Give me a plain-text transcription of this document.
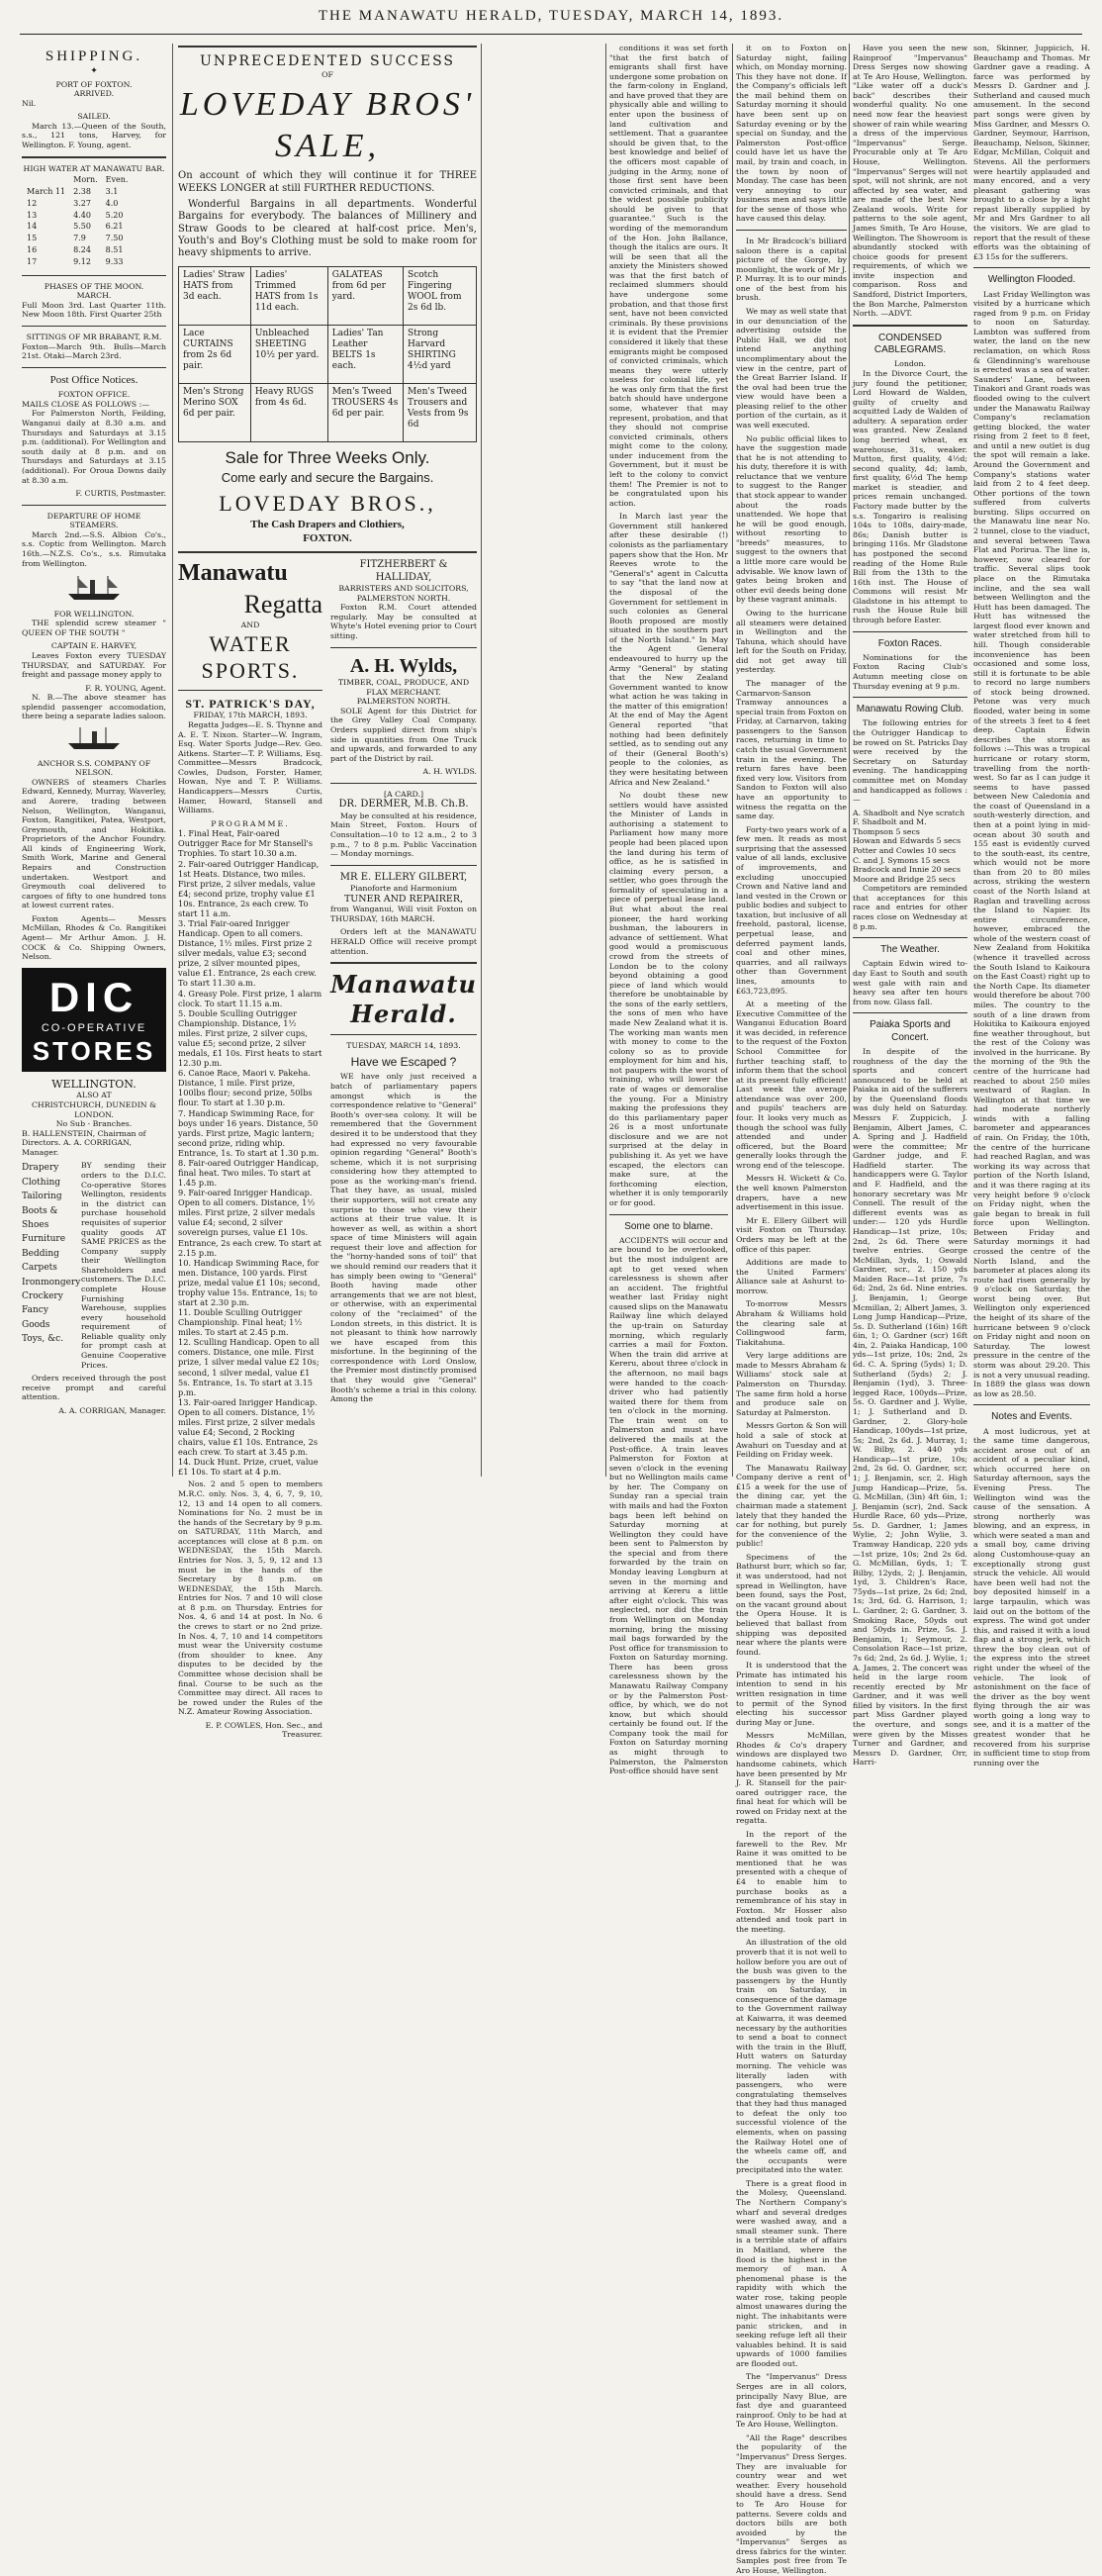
THE MANAWATU HERALD, TUESDAY, MARCH 14, 1893.
SHIPPING.
✦
PORT OF FOXTON.
ARRIVED.

Nil.

SAILED.

March 13.—Queen of the South, s.s., 121 tons, Harvey, for Wellington. F. Young, agent.

HIGH WATER AT MANAWATU BAR.
	Morn.	Even.
March 11	2.38	3.1
12	3.27	4.0
13	4.40	5.20
14	5.50	6.21
15	7.9	7.50
16	8.24	8.51
17	9.12	9.33
PHASES OF THE MOON.
MARCH.

Full Moon 3rd. Last Quarter 11th. New Moon 18th. First Quarter 25th

SITTINGS OF MR BRABANT, R.M.

Foxton—March 9th. Bulls—March 21st. Otaki—March 23rd.

Post Office Notices.
FOXTON OFFICE.
MAILS CLOSE AS FOLLOWS :—

For Palmerston North, Feilding, Wanganui daily at 8.30 a.m. and Thursdays and Saturdays at 3.15 p.m. (additional). For Wellington and south daily at 8 p.m. and on Thursdays and Saturdays at 3.15 (additional). For Oroua Downs daily at 8.30 a.m.

F. CURTIS, Postmaster.
DEPARTURE OF HOME STEAMERS.

March 2nd.—S.S. Albion Co's., s.s. Coptic from Wellington. March 16th.—N.Z.S. Co's., s.s. Rimutaka from Wellington.

FOR WELLINGTON.

THE splendid screw steamer " QUEEN OF THE SOUTH "

CAPTAIN E. HARVEY,

Leaves Foxton every TUESDAY THURSDAY, and SATURDAY. For freight and passage money apply to

F. R. YOUNG, Agent.

N. B.—The above steamer has splendid passenger accomodation, there being a separate ladies saloon.

ANCHOR S.S. COMPANY OF NELSON.

OWNERS of steamers Charles Edward, Kennedy, Murray, Waverley, and Aorere, trading between Nelson, Wellington, Wanganui, Foxton, Rangitikei, Patea, Westport, Greymouth, and Hokitika. Proprietors of the Anchor Foundry. All kinds of Engineering Work, Smith Work, Marine and General Repairs and Construction undertaken. Westport and Greymouth coal delivered to cargoes of fifty to one hundred tons at lowest current rates.

Foxton Agents— Messrs McMillan, Rhodes & Co. Rangitikei Agent— Mr Arthur Amon. J. H. COCK & Co. Shipping Owners, Nelson.

DIC
CO-OPERATIVE
STORES
WELLINGTON.
ALSO AT
CHRISTCHURCH, DUNEDIN & LONDON.
No Sub - Branches.
B. HALLENSTEIN, Chairman of Directors. A. A. CORRIGAN, Manager.
Drapery
Clothing
Tailoring
Boots & Shoes
Furniture
Bedding
Carpets
Ironmongery
Crockery
Fancy Goods
Toys, &c.

BY sending their orders to the D.I.C. Co-operative Stores Wellington, residents in the district can purchase household requisites of superior quality goods AT SAME PRICES as the Company supply their Wellington Shareholders and customers. The D.I.C. complete House Furnishing Warehouse, supplies every household requirement of Reliable quality only for prompt cash at Genuine Cooperative Prices.

Orders received through the post receive prompt and careful attention.

A. A. CORRIGAN, Manager.
UNPRECEDENTED SUCCESS
OF
LOVEDAY BROS' SALE,

On account of which they will continue it for THREE WEEKS LONGER at still FURTHER REDUCTIONS.

Wonderful Bargains in all departments. Wonderful Bargains for everybody. The balances of Millinery and Straw Goods to be cleared at half-cost price. Men's, Youth's and Boy's Clothing must be sold to make room for heavy shipments to arrive.

Ladies' Straw HATS from 3d each.	Ladies' Trimmed HATS from 1s 11d each.	GALATEAS from 6d per yard.	Scotch Fingering WOOL from 2s 6d lb.
Lace CURTAINS from 2s 6d pair.	Unbleached SHEETING 10½ per yard.	Ladies' Tan Leather BELTS 1s each.	Strong Harvard SHIRTING 4½d yard
Men's Strong Merino SOX 6d per pair.	Heavy RUGS from 4s 6d.	Men's Tweed TROUSERS 4s 6d per pair.	Men's Tweed Trousers and Vests from 9s 6d
Sale for Three Weeks Only.
Come early and secure the Bargains.
LOVEDAY BROS.,
The Cash Drapers and Clothiers,
FOXTON.
Manawatu
Regatta
AND
WATER SPORTS.
ST. PATRICK'S DAY,
FRIDAY, 17th MARCH, 1893.

Regatta Judges—E. S. Thynne and A. E. T. Nixon. Starter—W. Ingram, Esq. Water Sports Judge—Rev. Geo. Aitkens. Starter—T. P. Williams, Esq. Committee—Messrs Bradcock, Cowles, Dudson, Forster, Hamer, Howan, Nye and T. P. Williams. Handicappers—Messrs Curtis, Hamer, Howard, Stansell and Williams.

PROGRAMME.
1. Final Heat, Fair-oared Outrigger Race for Mr Stansell's Trophies. To start 10.30 a.m.
2. Fair-oared Outrigger Handicap, 1st Heats. Distance, two miles. First prize, 2 silver medals, value £4; second prize, trophy value £1 10s. Entrance, 2s each crew. To start 11 a.m.
3. Trial Fair-oared Inrigger Handicap. Open to all comers. Distance, 1½ miles. First prize 2 silver medals, value £3; second prize, 2 silver mounted pipes, value £1. Entrance, 2s each crew. To start 11.30 a.m.
4. Greasy Pole. First prize, 1 alarm clock. To start 11.15 a.m.
5. Double Sculling Outrigger Championship. Distance, 1½ miles. First prize, 2 silver cups, value £5; second prize, 2 silver medals, £1 10s. First heats to start 12.30 p.m.
6. Canoe Race, Maori v. Pakeha. Distance, 1 mile. First prize, 100lbs flour; second prize, 50lbs flour. To start at 1.30 p.m.
7. Handicap Swimming Race, for boys under 16 years. Distance, 50 yards. First prize, Magic lantern; second prize, riding whip. Entrance, 1s. To start at 1.30 p.m.
8. Fair-oared Outrigger Handicap, final heat. Two miles. To start at 1.45 p.m.
9. Fair-oared Inrigger Handicap. Open to all comers. Distance, 1½ miles. First prize, 2 silver medals value £4; second, 2 silver sovereign purses, value £1 10s. Entrance, 2s each crew. To start at 2.15 p.m.
10. Handicap Swimming Race, for men. Distance, 100 yards. First prize, medal value £1 10s; second, trophy value 15s. Entrance, 1s; to start at 2.30 p.m.
11. Double Sculling Outrigger Championship. Final heat; 1½ miles. To start at 2.45 p.m.
12. Sculling Handicap. Open to all comers. Distance, one mile. First prize, 1 silver medal value £2 10s; second, 1 silver medal, value £1 5s. Entrance, 1s. To start at 3.15 p.m.
13. Fair-oared Inrigger Handicap. Open to all comers. Distance, 1½ miles. First prize, 2 silver medals value £4; Second, 2 Rocking chairs, value £1 10s. Entrance, 2s each crew. To start at 3.45 p.m.
14. Duck Hunt. Prize, cruet, value £1 10s. To start at 4 p.m.

Nos. 2 and 5 open to members M.R.C. only. Nos. 3, 4, 6, 7, 9, 10, 12, 13 and 14 open to all comers. Nominations for No. 2 must be in the hands of the Secretary by 9 p.m. on SATURDAY, 11th March, and acceptances will close at 8 p.m. on WEDNESDAY, the 15th March. Entries for Nos. 3, 5, 9, 12 and 13 must be in the hands of the Secretary by 8 p.m. on WEDNESDAY, the 15th March. Entries for Nos. 7 and 10 will close at 8 p.m. on Thursday. Entries for Nos. 4, 6 and 14 at post. In No. 6 the crews to start or no 2nd prize. In Nos. 4, 7, 10 and 14 competitors must wear the University costume (from shoulder to knee. Any disputes to be decided by the Committee whose decision shall be final. Course to be such as the Committee may direct. All races to be rowed under the Rules of the N.Z. Amateur Rowing Association.

E. P. COWLES, Hon. Sec., and Treasurer.
FITZHERBERT & HALLIDAY,
BARRISTERS AND SOLICITORS, PALMERSTON NORTH.

Foxton R.M. Court attended regularly. May be consulted at Whyte's Hotel evening prior to Court sitting.

A. H. Wylds,
TIMBER, COAL, PRODUCE, AND FLAX MERCHANT.
PALMERSTON NORTH.

SOLE Agent for this District for the Grey Valley Coal Company. Orders supplied direct from ship's side in quantities from One Truck and upwards, and forwarded to any part of the District by rail.

A. H. WYLDS.
[A CARD.]
DR. DERMER, M.B. Ch.B.

May be consulted at his residence, Main Street, Foxton. Hours of Consultation—10 to 12 a.m., 2 to 3 p.m., 7 to 8 p.m. Public Vaccination — Monday mornings.

MR E. ELLERY GILBERT,
Pianoforte and Harmonium
TUNER AND REPAIRER,

from Wanganui, Will visit Foxton on THURSDAY, 16th MARCH.

Orders left at the MANAWATU HERALD Office will receive prompt attention.

Manawatu Herald.
TUESDAY, MARCH 14, 1893.
Have we Escaped ?

WE have only just received a batch of parliamentary papers amongst which is the correspondence relative to "General" Booth's over-sea colony. It will be remembered that the Government desired it to be understood that they had expressed no very favourable opinion regarding "General" Booth's scheme, which it is not surprising considering how they attempted to pose as the working-man's friend. That they have, as usual, misled their supporters, will not create any surprise to those who view their actions at their true value. It is however as well, as within a short space of time Ministers will again request their love and affection for the "horny-handed sons of toil" that we should remind our readers that it has simply been owing to "General" Booth having made other arrangements that we are not blest, or otherwise, with an experimental colony of the "reclaimed" of the London streets, in this district. It is not pleasant to think how narrowly we have escaped from this misfortune. In the beginning of the correspondence with Lord Onslow, the Premier most distinctly promised that they would give "General" Booth's scheme a trial in this colony. Among the

conditions it was set forth "that the first batch of emigrants shall first have undergone some probation on the farm-colony in England, and have proved that they are physically able and willing to enter upon the business of land cultivation and settlement. That a guarantee should be given that, to the best knowledge and belief of the officers most capable of judging in the Army, none of those first sent have been convicted criminals, and that the widest possible publicity should be given to that guarantee." Such is the wording of the memorandum of the Hon. John Ballance, though the italics are ours. It will be seen that all the anxiety the Ministers showed was that the first batch of reclaimed slummers should have undergone some probation, and that those first sent, have not been convicted criminals. By these provisions it is evident that the Premier considered it likely that these emigrants might be composed of convicted criminals, which means they were utterly useless for colonial life, yet he was only firm that the first batch should have undergone some, whatever that may represent, probation, and that they should not comprise convicted criminals, others might come to the colony, under inducement from the Government, but it must be left to the colony to convict them! The Premier is not to be congratulated upon his action.

In March last year the Government still hankered after these desirable (!) colonists as the parliamentary papers show that the Hon. Mr Reeves wrote to the "General's" agent in Calcutta to say "that the land now at the disposal of the Government for settlement in such colonies as General Booth proposed are mostly situated in the southern part of the North Island." In May the Agent General endeavoured to hurry up the Army "General" by stating that the New Zealand Government wanted to know what action he was taking in the matter of this emigration! At the end of May the Agent General reported "that nothing had been definitely settled, as to sending out any of their (General Booth's) people to the colonies, as they were hesitating between Africa and New Zealand."

No doubt these new settlers would have assisted the Minister of Lands in authorising a statement to Parliament how many more people had been placed upon the land during his term of office, as he is satisfied in claiming every person, a settler, who goes through the formality of speculating in a piece of perpetual lease land. But what about the real pioneer, the hard working bushman, the labourers in advance of settlement. What good would a promiscuous crowd from the streets of London be to the colony beyond obtaining a good piece of land which would therefore be unobtainable by the sons of the early settlers, the sons of men who have made New Zealand what it is. The working man wants men with money to come to the colony so as to provide employment for him and his, not paupers with the worst of training, who will lower the rate of wages or demoralise the young. For a Ministry making the professions they do this parliamentary paper 26 is a most unfortunate disclosure and we are not surprised at the delay in publishing it. As yet we have escaped, the electors can make sure, at the forthcoming election, whether it is only temporarily or for good.

Some one to blame.

ACCIDENTS will occur and are bound to be overlooked, but the most indulgent are apt to get vexed when carelessness is shown after an accident. The frightful weather last Friday night caused slips on the Manawatu Railway line which delayed the up-train on Saturday morning, which regularly carries a mail for Foxton. When the train did arrive at Kereru, about three o'clock in the afternoon, no mail bags were handed to the coach-driver who had patiently waited there for them from ten o'clock in the morning. The train went on to Palmerston and must have delivered the mails at the Post-office. A train leaves Palmerston for Foxton at seven o'clock in the evening but no Wellington mails came by her. The Company on Sunday ran a special train with mails and had the Foxton bags been left behind on Saturday morning at Wellington they could have been sent to Palmerston by the special and from there forwarded by the train on Monday leaving Longburn at seven in the morning and arriving at Kereru a little after eight o'clock. This was neglected, nor did the train from Wellington on Monday morning, bring the missing mail bags forwarded by the Post office for transmission to Foxton on Saturday morning. There has been gross carelessness shown by the Manawatu Railway Company or by the Palmerston Post-office, by which, we do not know, but which should certainly be found out. If the Company took the mail for Foxton on Saturday morning as might through to Palmerston, the Palmerston Post-office should have sent

it on to Foxton on Saturday night, failing which, on Monday morning. This they have not done. If the Company's officials left the mail behind them on Saturday morning it should have been sent up on Saturday evening or by the special on Sunday, and the Palmerston Post-office could have let us have the mail, by train and coach, in the town by noon of Monday. The case has been very annoying to our business men and says little for the sense of those who have caused this delay.

In Mr Bradcock's billiard saloon there is a capital picture of the Gorge, by moonlight, the work of Mr J. P. Murray. It is to our minds one of the best from his brush.

We may as well state that in our denunciation of the advertising outside the Public Hall, we did not intend anything uncomplimentary about the view in the centre, part of the Great Barrier Island. If the oval had been true the view would have been a pleasing relief to the other portion of the curtain, as it was well executed.

No public official likes to have the suggestion made that he is not attending to his duty, therefore it is with reluctance that we venture to suggest to the Ranger that stock appear to wander about the roads unattended. We hope that he will be good enough, without resorting to "breeds" measures, to suggest to the owners that a little more care would be advisable. We know lawn of gates being broken and other evil deeds being done by these vagrant animals.

Owing to the hurricane all steamers were detained in Wellington and the Tahuna, which should have left for the South on Friday, did not get away till yesterday.

The manager of the Carmarvon-Sanson Tramway announces a special train from Foxton on Friday, at Carnarvon, taking passengers to the Sanson races, returning in time to catch the usual Government train in the evening. The return fares have been fixed very low. Visitors from Sandon to Foxton will also have an opportunity to witness the regatta on the same day.

Forty-two years work of a few men. It reads as most surprising that the assessed value of all lands, exclusive of improvements, and excluding unoccupied Crown and Native land and land vested in the Crown or public bodies and subject to taxation, but inclusive of all freehold, pastoral, license, perpetual lease, and deferred payment lands, coal and other mines, quarries, and all railways other than Government lines, amounts to £63,723,895.

At a meeting of the Executive Committee of the Wanganui Education Board it was decided, in reference to the request of the Foxton School Committee for further teaching staff, to inform them that the school at its present fully efficient! Last week the average attendance was over 200, and pupils' teachers are four. It looks very much as though the school was fully attended and under officered, but the Board generally looks through the wrong end of the telescope.

Messrs H. Wickett & Co. the well known Palmerston drapers, have a new advertisement in this issue.

Mr E. Ellery Gilbert will visit Foxton on Thursday. Orders may be left at the office of this paper.

Additions are made to the United Farmers' Alliance sale at Ashurst to-morrow.

To-morrow Messrs Abraham & Williams hold the clearing sale at Collingwood farm, Tiakitahuna.

Very large additions are made to Messrs Abraham & Williams' stock sale at Palmerston on Thursday. The same firm hold a horse and produce sale on Saturday at Palmerston.

Messrs Gorton & Son will hold a sale of stock at Awahuri on Tuesday and at Feilding on Friday week.

The Manawatu Railway Company derive a rent of £15 a week for the use of the dining car, yet the chairman made a statement lately that they handed the car for nothing, but purely for the convenience of the public!

Specimens of the Bathurst burr, which so far, it was understood, had not spread in Wellington, have been found, says the Post, on the vacant ground about the Opera House. It is believed that ballast from shipping was deposited near where the plants were found.

It is understood that the Primate has intimated his intention to send in his written resignation in time to permit of the Synod electing his successor during May or June.

Messrs McMillan, Rhodes & Co's drapery windows are displayed two handsome cabinets, which have been presented by Mr J. R. Stansell for the pair-oared outrigger race, the final heat for which will be rowed on Friday next at the regatta.

In the report of the farewell to the Rev. Mr Raine it was omitted to be mentioned that he was presented with a cheque of £4 to enable him to purchase books as a remembrance of his stay in Foxton. Mr Hosser also attended and took part in the meeting.

An illustration of the old proverb that it is not well to hollow before you are out of the bush was given to the passengers by the Huntly train on Saturday, in consequence of the damage to the Government railway at Kaiwarra, it was deemed necessary by the authorities to send a boat to connect with the train in the Bluff, Hutt waters on Saturday morning. The vehicle was literally laden with passengers, who were congratulating themselves that they had thus managed to defeat the only too successful violence of the elements, when on passing the Railway Hotel one of the wheels came off, and the occupants were precipitated into the water.

There is a great flood in the Molesy, Queensland. The Northern Company's wharf and several dredges were washed away, and a small steamer sunk. There is a terrible state of affairs in Maitland, where the flood is the highest in the memory of man. A phenomenal phase is the rapidity with which the water rose, taking people almost unawares during the night. The inhabitants were panic stricken, and in seeking refuge left all their valuables behind. It is said upwards of 1000 families are flooded out.

The "Impervanus" Dress Serges are in all colors, principally Navy Blue, are fast dye and guaranteed rainproof. Only to be had at Te Aro House, Wellington.

"All the Rage" describes the popularity of the "Impervanus" Dress Serges. They are invaluable for country wear and wet weather. Every household should have a dress. Send to Te Aro House for patterns. Severe colds and doctors bills are both avoided by the "Impervanus" Serges as dress fabrics for the winter. Samples post free from Te Aro House, Wellington.

Have you seen the new Rainproof "Impervanus" Dress Serges now showing at Te Aro House, Wellington. "Like water off a duck's back" describes their wonderful quality. No one need now fear the heaviest shower of rain while wearing a dress of the impervious "Impervanus" Serge. Procurable only at Te Aro House, Wellington. "Impervanus" Serges will not spot, will not shrink, are not affected by sea water, and are made of the best New Zealand wools. Write for patterns to the sole agent, James Smith, Te Aro House, Wellington. The Showroom is abundantly stocked with choice goods for present requirements, of which we invite inspection and comparison. Ross and Sandford, District Importers, the Bon Marche, Palmerston North. —ADVT.

CONDENSED CABLEGRAMS.
London.

In the Divorce Court, the jury found the petitioner, Lord Howard de Walden, guilty of cruelty and acquitted Lady de Walden of adultery. A separation order was granted. New Zealand long berried wheat, ex warehouse, 31s, weaker. Mutton, first quality, 4½d; second quality, 4d; lamb, first quality, 6½d The hemp market is steadier, and prices remain unchanged. Factory made butter by the s.s. Tongariro is realising 104s to 108s, dairy-made, 86s; Danish butter is bringing 116s. Mr Gladstone has postponed the second reading of the Home Rule Bill from the 13th to the 16th inst. The House of Commons will resist Mr Gladstone in his attempt to rush the House Rule bill through before Easter.

Foxton Races.

Nominations for the Foxton Racing Club's Autumn meeting close on Thursday evening at 9 p.m.

Manawatu Rowing Club.

The following entries for the Outrigger Handicap to be rowed on St. Patricks Day were received by the Secretary on Saturday evening. The handicapping committee met on Monday and handicapped as follows :—

A. Shadbolt and Nye scratch
F. Shadbolt and M.
Thompson 5 secs
Howan and Edwards 5 secs
Potter and Cowles 10 secs
C. and J. Symons 15 secs
Bradcock and Innie 20 secs
Moore and Bridge 25 secs

Competitors are reminded that acceptances for this race and entries for other races close on Wednesday at 8 p.m.

The Weather.

Captain Edwin wired to-day East to South and south west gale with rain and heavy sea after ten hours from now. Glass fall.

Paiaka Sports and Concert.

In despite of the roughness of the day the sports and concert announced to be held at Paiaka in aid of the sufferers by the Queensland floods was duly held on Saturday. Messrs F. Zuppicich, J. Benjamin, Albert James, C. A. Spring and J. Hadfield were the committee; Mr Gardner judge, and F. Hadfield starter. The handicappers were G. Taylor and F. Hadfield, and the honorary secretary was Mr Connell. The result of the different events was as under:— 120 yds Hurdle Handicap—1st prize, 10s; 2nd, 2s 6d. There were twelve entries. George McMillan, 3yds, 1; Oswald Gardner, scr., 2. 150 yds Maiden Race—1st prize, 7s 6d; 2nd, 2s 6d. Nine entries. J. Benjamin, 1; George Mcmillan, 2; Albert James, 3. Long Jump Handicap—Prize, 5s. D. Sutherland (16in) 16ft 6in, 1; O. Gardner (scr) 16ft 4in, 2. Paiaka Handicap, 100 yds—1st prize, 10s; 2nd, 2s 6d. C. A. Spring (5yds) 1; D. Sutherland (5yds) 2; J. Benjamin (1yd), 3. Three-legged Race, 100yds—Prize, 5s. O. Gardner and J. Wylie, 1; J. Sutherland and D. Gardner, 2. Glory-hole Handicap, 100yds—1st prize, 5s; 2nd, 2s 6d. J. Murray, 1; W. Bilby, 2. 440 yds Handicap—1st prize, 10s; 2nd, 2s 6d. O. Gardner, scr, 1; J. Benjamin, scr, 2. High Jump Handicap—Prize, 5s. G. McMillan, (3in) 4ft 6in, 1; J. Benjamin (scr), 2nd. Sack Hurdle Race, 60 yds—Prize, 5s. D. Gardner, 1; James Wylie, 2; John Wylie, 3. Tramway Handicap, 220 yds—1st prize, 10s; 2nd 2s 6d. G. McMillan, 6yds, 1; T. Bilby, 12yds, 2; J. Benjamin, 1yd, 3. Children's Race, 75yds—1st prize, 2s 6d; 2nd, 1s; 3rd, 6d. G. Harrison, 1; L. Gardner, 2; G. Gardner, 3. Smoking Race, 50yds out and 50yds in. Prize, 5s. J. Benjamin, 1; Seymour, 2. Consolation Race—1st prize, 7s 6d; 2nd, 2s 6d. J. Wylie, 1; A. James, 2. The concert was held in the large room recently erected by Mr Gardner, and it was well filled by visitors. In the first part Miss Gardner played the overture, and songs were given by the Misses Turner and Gardner, and Messrs D. Gardner, Orr, Harri-

son, Skinner, Juppicich, H. Beauchamp and Thomas. Mr Gardner gave a reading. A farce was performed by Messrs D. Gardner and J. Sutherland and caused much amusement. In the second part songs were given by Miss Gardner, and Messrs O. Gardner, Seymour, Harrison, Beauchamp, Nelson, Skinner, Edgar, McMillan, Colquit and Stevens. All the performers were heartily applauded and many encored, and a very pleasant gathering was brought to a close by a light repast liberally supplied by Mr and Mrs Gardner to all the visitors. We are glad to report that the result of these efforts was the obtaining of £3 15s for the sufferers.

Wellington Flooded.

Last Friday Wellington was visited by a hurricane which raged from 9 p.m. on Friday to noon on Saturday. Lambton was suffered from water, the land on the new reclamation, on which Ross & Glendinning's warehouse is erected was a sea of water. Saunders' Lane, between Tinakori and Grant roads was flooded owing to the culvert under the Manawatu Railway Company's reclamation getting blocked, the water rising from 2 feet to 8 feet, and until a new outlet is dug the spot will remain a lake. Around the Government and Company's stations water laid from 2 to 4 feet deep. Other portions of the town suffered from culverts bursting. Slips occurred on the Manawatu line near No. 2 tunnel, close to the viaduct, and several between Tawa Flat and Porirua. The line is, however, now cleared for traffic. Several slips took place on the Rimutaka incline, and the sea wall between Wellington and the Hutt has been damaged. The Hutt has witnessed the largest flood ever known and water stretched from hill to hill. Though considerable inconvenience has been occasioned and some loss, still it is fortunate to be able to record no large numbers of stock being drowned. Petone was very much flooded, water being in some of the streets 3 feet to 4 feet deep. Captain Edwin describes the storm as follows :—This was a tropical hurricane or rotary storm, travelling from the north-west. So far as I can judge it seems to have passed between New Caledonia and the coast of Queensland in a south-westerly direction, and then at a point lying in mid-ocean about 30 south and 155 east is evidently curved to the south-east, its centre, which would not be more than from 20 to 80 miles across, striking the western coast of the North Island at Raglan and travelling across the Island to Napier. Its entire circumference, however, embraced the whole of the western coast of New Zealand from Hokitika (whence it travelled across the South Island to Kaikoura on the East Coast) right up to the North Cape. Its diameter would therefore be about 700 miles. The country to the south of a line drawn from Hokitika to Kaikoura enjoyed fine weather throughout, but the rest of the Colony was involved in the hurricane. By the morning of the 9th the centre of the hurricane had reached to about 250 miles westward of Raglan. In Wellington at that time we had moderate northerly winds with a falling barometer and appearances of rain. On Friday, the 10th, the centre of the hurricane had reached Raglan, and was working its way across that portion of the North Island, and it was there raging at its very height before 9 o'clock on Friday night, when the gale began to break in full force upon Wellington. Between Friday and Saturday mornings it had crossed the centre of the North Island, and the barometer at places along its route had risen generally by 9 o'clock on Saturday, the worst being over. But Wellington only experienced the height of its share of the hurricane between 9 o'clock on Friday night and noon on Saturday. The lowest pressure in the centre of the storm was about 29.20. This is not a very unusual reading. In 1889 the glass was down as low as 28.50.

Notes and Events.

A most ludicrous, yet at the same time dangerous, accident arose out of an accident of a peculiar kind, which occurred here on Saturday afternoon, says the Evening Press. The Wellington wind was the cause of the sensation. A strong northerly was blowing, and an express, in which were seated a man and a small boy, came driving along Customhouse-quay an exceptionally strong gust struck the vehicle. All would have been well had not the boy deposited himself in a large tarpaulin, which was laid out on the bottom of the express. The wind got under this, and raised it with a loud flap and a strong jerk, which threw the boy clean out of the express into the street right under the wheel of the vehicle. The look of astonishment on the face of the driver as the boy went flying through the air was worth going a long way to see, and it is a matter of the greatest wonder that he recovered from his surprise in sufficient time to stop from running over the
